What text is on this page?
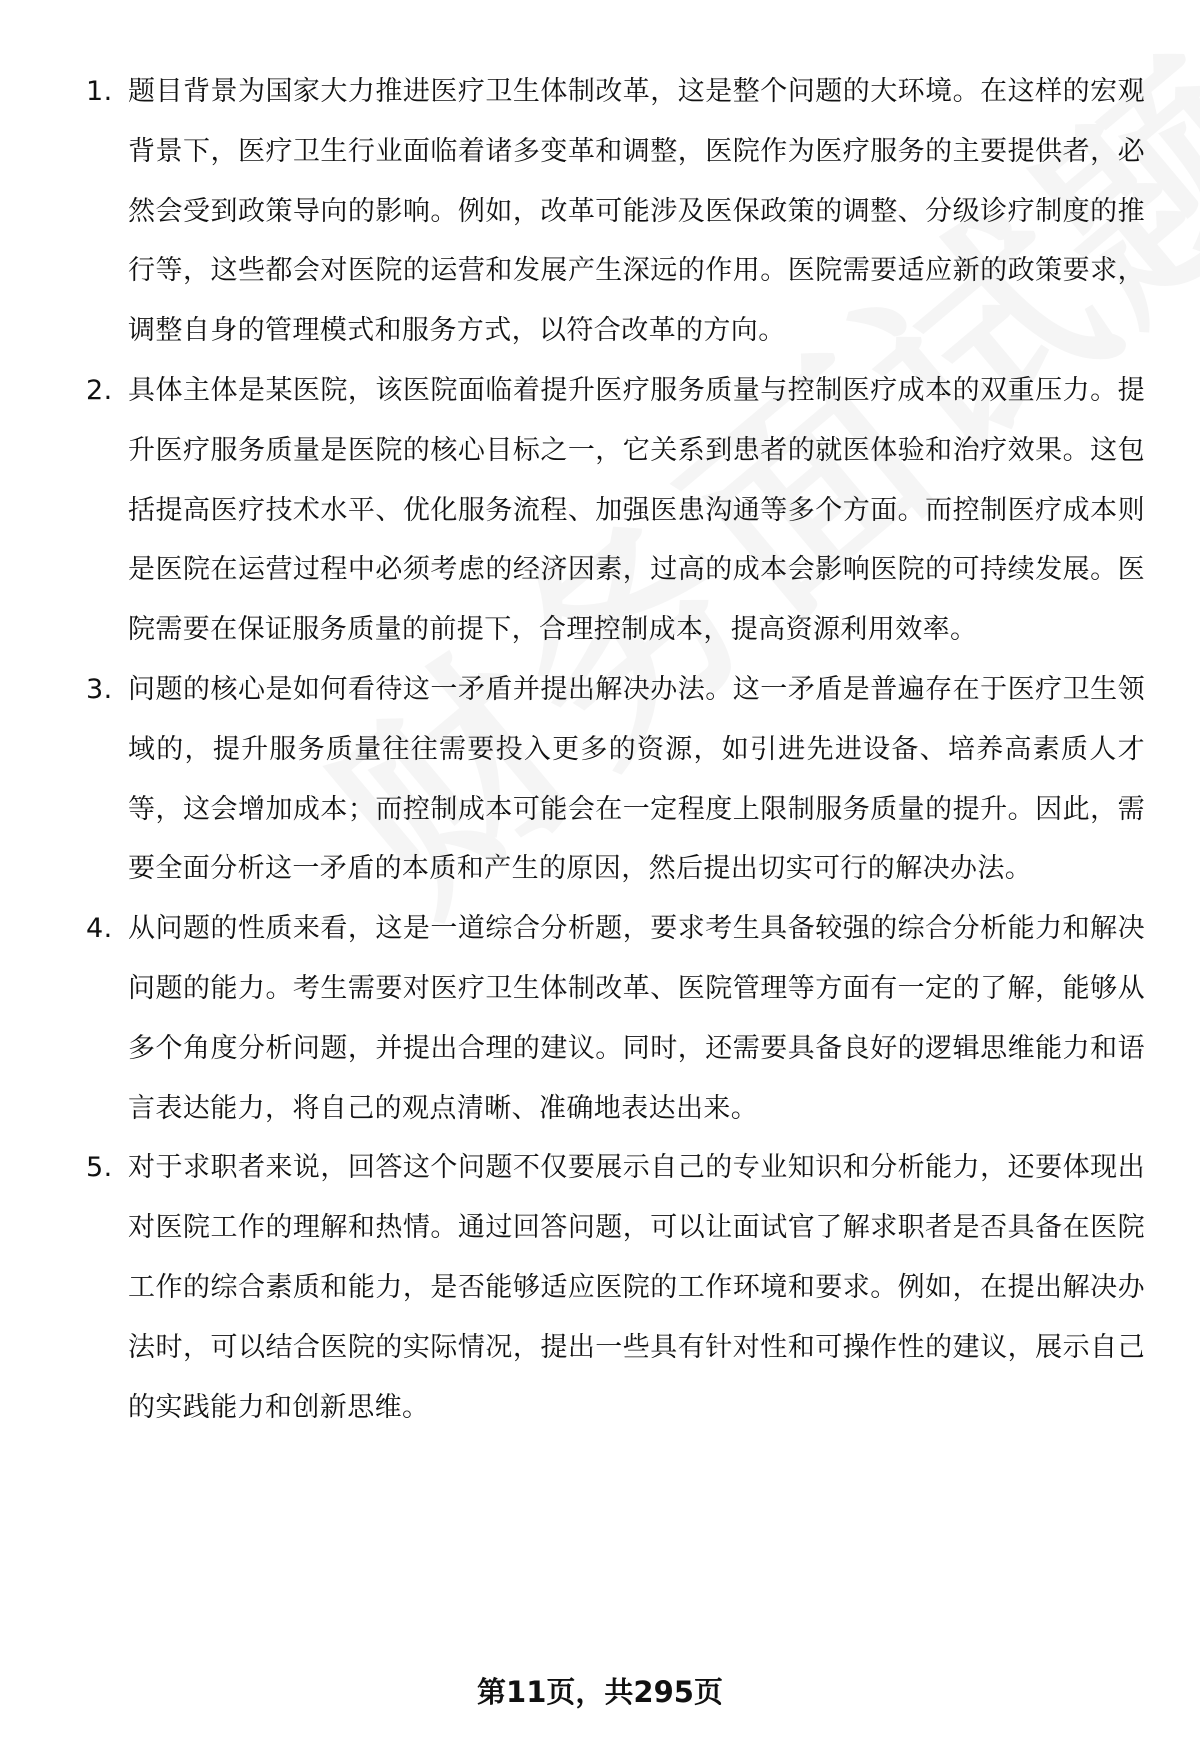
1. 题目背景为国家大力推进医疗卫生体制改革，这是整个问题的大环境。在这样的宏观背景下，医疗卫生行业面临着诸多变革和调整，医院作为医疗服务的主要提供者，必然会受到政策导向的影响。例如，改革可能涉及医保政策的调整、分级诊疗制度的推行等，这些都会对医院的运营和发展产生深远的作用。医院需要适应新的政策要求，调整自身的管理模式和服务方式，以符合改革的方向。
2. 具体主体是某医院，该医院面临着提升医疗服务质量与控制医疗成本的双重压力。提升医疗服务质量是医院的核心目标之一，它关系到患者的就医体验和治疗效果。这包括提高医疗技术水平、优化服务流程、加强医患沟通等多个方面。而控制医疗成本则是医院在运营过程中必须考虑的经济因素，过高的成本会影响医院的可持续发展。医院需要在保证服务质量的前提下，合理控制成本，提高资源利用效率。
3. 问题的核心是如何看待这一矛盾并提出解决办法。这一矛盾是普遍存在于医疗卫生领域的，提升服务质量往往需要投入更多的资源，如引进先进设备、培养高素质人才等，这会增加成本；而控制成本可能会在一定程度上限制服务质量的提升。因此，需要全面分析这一矛盾的本质和产生的原因，然后提出切实可行的解决办法。
4. 从问题的性质来看，这是一道综合分析题，要求考生具备较强的综合分析能力和解决问题的能力。考生需要对医疗卫生体制改革、医院管理等方面有一定的了解，能够从多个角度分析问题，并提出合理的建议。同时，还需要具备良好的逻辑思维能力和语言表达能力，将自己的观点清晰、准确地表达出来。
5. 对于求职者来说，回答这个问题不仅要展示自己的专业知识和分析能力，还要体现出对医院工作的理解和热情。通过回答问题，可以让面试官了解求职者是否具备在医院工作的综合素质和能力，是否能够适应医院的工作环境和要求。例如，在提出解决办法时，可以结合医院的实际情况，提出一些具有针对性和可操作性的建议，展示自己的实践能力和创新思维。
第11页，共295页
